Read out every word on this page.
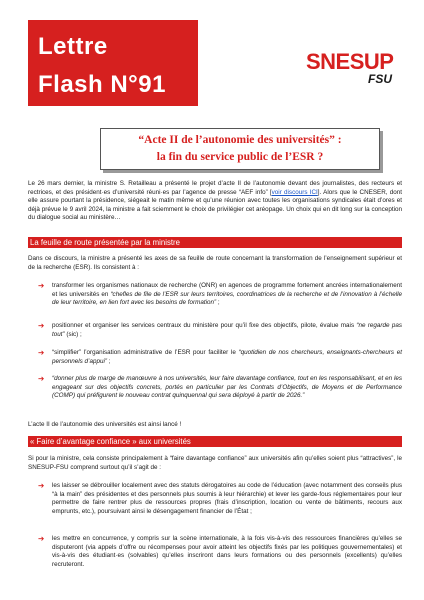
Lettre
Flash N°91
SNESUP
FSU
“Acte II de l’autonomie des universités” :
la fin du service public de l’ESR ?
Le 26 mars dernier, la ministre S. Retailleau a présenté le projet d’acte II de l’autonomie devant des journalistes, des recteurs et rectrices, et des président·es d’université réuni·es par l’agence de presse “AEF info” [voir discours ICI]. Alors que le CNESER, dont elle assure pourtant la présidence, siégeait le matin même et qu’une réunion avec toutes les organisations syndicales était d’ores et déjà prévue le 9 avril 2024, la ministre a fait sciemment le choix de privilégier cet aréopage. Un choix qui en dit long sur la conception du dialogue social au ministère…
La feuille de route présentée par la ministre
Dans ce discours, la ministre a présenté les axes de sa feuille de route concernant la transformation de l’enseignement supérieur et de la recherche (ESR). Ils consistent à :
➔ transformer les organismes nationaux de recherche (ONR) en agences de programme fortement ancrées internationalement et les universités en “chefles de file de l’ESR sur leurs territoires, coordinatrices de la recherche et de l’innovation à l’échelle de leur territoire, en lien fort avec les besoins de formation” ;
➔ positionner et organiser les services centraux du ministère pour qu’il fixe des objectifs, pilote, évalue mais “ne regarde pas tout” (sic) ;
➔ “simplifier” l’organisation administrative de l’ESR pour faciliter le “quotidien de nos chercheurs, enseignants-chercheurs et personnels d’appui” ;
➔ “donner plus de marge de manœuvre à nos universités, leur faire davantage confiance, tout en les responsabilisant, et en les engageant sur des objectifs concrets, portés en particulier par les Contrats d’Objectifs, de Moyens et de Performance (COMP) qui préfigurent le nouveau contrat quinquennal qui sera déployé à partir de 2026.”
L’acte II de l’autonomie des universités est ainsi lancé !
« Faire d’avantage confiance » aux universités
Si pour la ministre, cela consiste principalement à “faire davantage confiance” aux universités afin qu’elles soient plus “attractives”, le SNESUP-FSU comprend surtout qu’il s’agit de :
➔ les laisser se débrouiller localement avec des statuts dérogatoires au code de l’éducation (avec notamment des conseils plus “à la main” des présidentes et des personnels plus soumis à leur hiérarchie) et lever les garde-fous réglementaires pour leur permettre de faire rentrer plus de ressources propres (frais d’inscription, location ou vente de bâtiments, recours aux emprunts, etc.), poursuivant ainsi le désengagement financier de l’État ;
➔ les mettre en concurrence, y compris sur la scène internationale, à la fois vis-à-vis des ressources financières qu’elles se disputeront (via appels d’offre ou récompenses pour avoir atteint les objectifs fixés par les politiques gouvernementales) et vis-à-vis des étudiant·es (solvables) qu’elles inscriront dans leurs formations ou des personnels (excellents) qu’elles recruteront.
